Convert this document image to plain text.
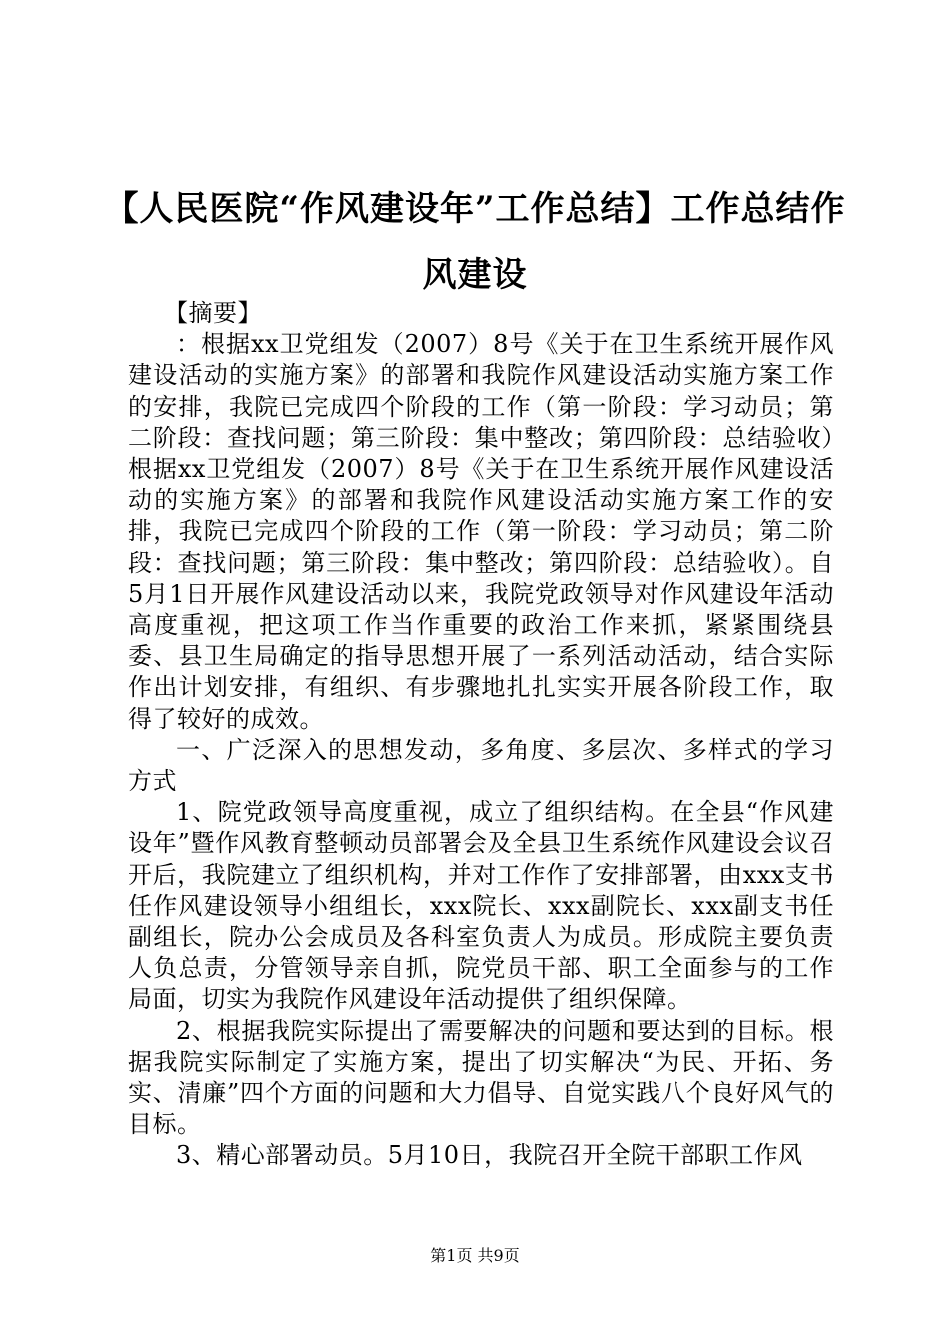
【人民医院“作风建设年”工作总结】工作总结作风建设

【摘要】

：根据xx卫党组发（2007）8号《关于在卫生系统开展作风建设活动的实施方案》的部署和我院作风建设活动实施方案工作的安排，我院已完成四个阶段的工作（第一阶段：学习动员；第二阶段：查找问题；第三阶段：集中整改；第四阶段：总结验收）根据xx卫党组发（2007）8号《关于在卫生系统开展作风建设活动的实施方案》的部署和我院作风建设活动实施方案工作的安排，我院已完成四个阶段的工作（第一阶段：学习动员；第二阶段：查找问题；第三阶段：集中整改；第四阶段：总结验收）。自5月1日开展作风建设活动以来，我院党政领导对作风建设年活动高度重视，把这项工作当作重要的政治工作来抓，紧紧围绕县委、县卫生局确定的指导思想开展了一系列活动活动，结合实际作出计划安排，有组织、有步骤地扎扎实实开展各阶段工作，取得了较好的成效。

一、广泛深入的思想发动，多角度、多层次、多样式的学习方式

1、院党政领导高度重视，成立了组织结构。在全县“作风建设年”暨作风教育整顿动员部署会及全县卫生系统作风建设会议召开后，我院建立了组织机构，并对工作作了安排部署，由xxx支书任作风建设领导小组组长，xxx院长、xxx副院长、xxx副支书任副组长，院办公会成员及各科室负责人为成员。形成院主要负责人负总责，分管领导亲自抓，院党员干部、职工全面参与的工作局面，切实为我院作风建设年活动提供了组织保障。

2、根据我院实际提出了需要解决的问题和要达到的目标。根据我院实际制定了实施方案，提出了切实解决“为民、开拓、务实、清廉”四个方面的问题和大力倡导、自觉实践八个良好风气的目标。

3、精心部署动员。5月10日，我院召开全院干部职工作风

第1页 共9页
